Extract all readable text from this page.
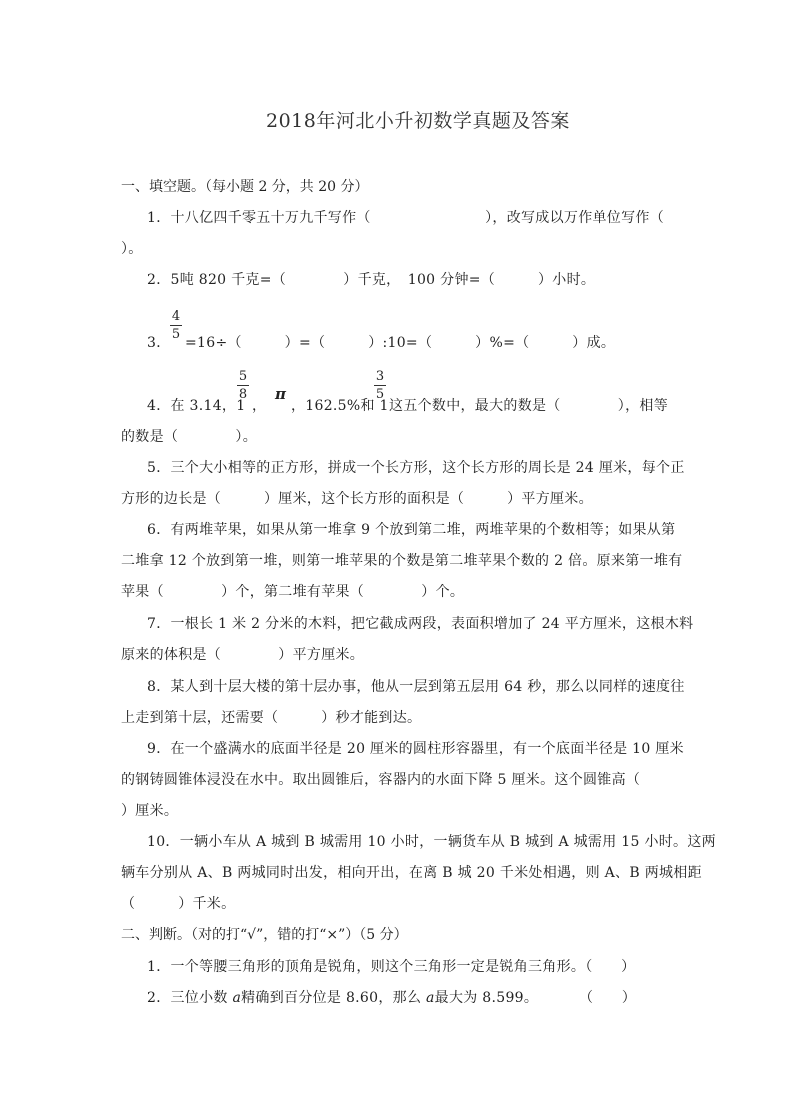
2018年河北小升初数学真题及答案
一、填空题。（每小题 2 分，共 20 分）
1．十八亿四千零五十万九千写作（　　　　　　　　），改写成以万作单位写作（
）。
2．5吨 820 千克=（　　　　）千克，　100 分钟=（　　　）小时。
3．
$\frac{4}{5}$
=16÷（　　　）=（　　　）:10=（　　　）%=（　　　）成。
4．在 3.14，1
$\frac{5}{8}$
，
π
，162.5%和 1
$\frac{3}{5}$
这五个数中，最大的数是（　　　　），相等
的数是（　　　　）。
5．三个大小相等的正方形，拼成一个长方形，这个长方形的周长是 24 厘米，每个正
方形的边长是（　　　）厘米，这个长方形的面积是（　　　）平方厘米。
6．有两堆苹果，如果从第一堆拿 9 个放到第二堆，两堆苹果的个数相等；如果从第
二堆拿 12 个放到第一堆，则第一堆苹果的个数是第二堆苹果个数的 2 倍。原来第一堆有
苹果（　　　　）个，第二堆有苹果（　　　　）个。
7．一根长 1 米 2 分米的木料，把它截成两段，表面积增加了 24 平方厘米，这根木料
原来的体积是（　　　　）平方厘米。
8．某人到十层大楼的第十层办事，他从一层到第五层用 64 秒，那么以同样的速度往
上走到第十层，还需要（　　　）秒才能到达。
9．在一个盛满水的底面半径是 20 厘米的圆柱形容器里，有一个底面半径是 10 厘米
的钢铸圆锥体浸没在水中。取出圆锥后，容器内的水面下降 5 厘米。这个圆锥高（
）厘米。
10．一辆小车从 A 城到 B 城需用 10 小时，一辆货车从 B 城到 A 城需用 15 小时。这两
辆车分别从 A、B 两城同时出发，相向开出，在离 B 城 20 千米处相遇，则 A、B 两城相距
（　　　）千米。
二、判断。（对的打“√”，错的打“×”）（5 分）
1．一个等腰三角形的顶角是锐角，则这个三角形一定是锐角三角形。（　　）
2．三位小数 a精确到百分位是 8.60，那么 a最大为 8.599。	（　　）
